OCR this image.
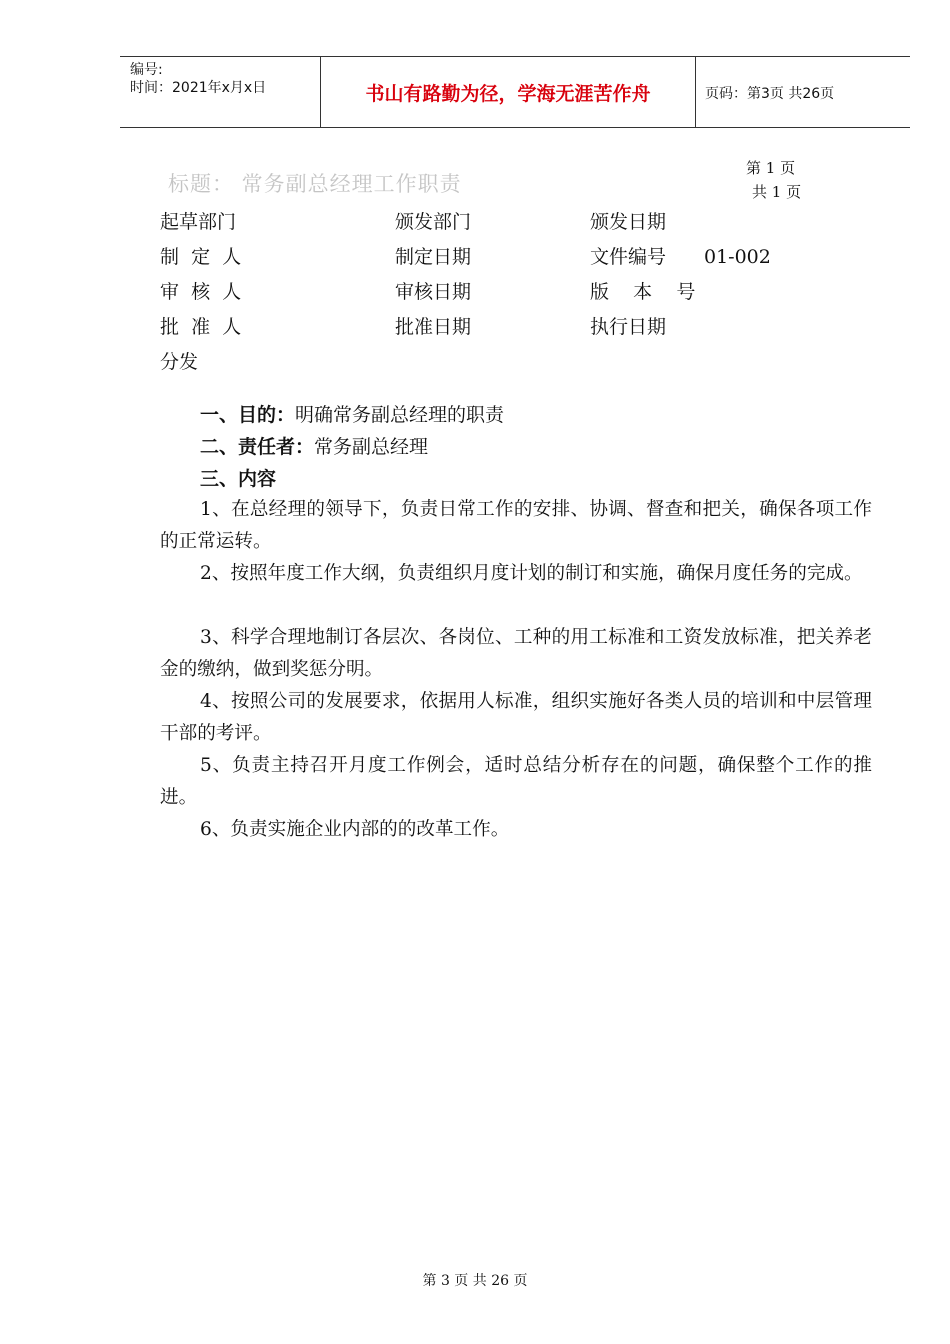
编号:
时间：2021年x月x日	书山有路勤为径，学海无涯苦作舟	页码：第3页 共26页
标题： 常务副总经理工作职责
第 1 页
共 1 页
起草部门	颁发部门	颁发日期
制  定  人	制定日期	文件编号 01-002
审  核  人	审核日期	版    本    号
批  准  人	批准日期	执行日期
分发
一、目的：明确常务副总经理的职责
二、责任者：常务副总经理
三、内容
1、在总经理的领导下，负责日常工作的安排、协调、督查和把关，确保各项工作的正常运转。
2、按照年度工作大纲，负责组织月度计划的制订和实施，确保月度任务的完成。
3、科学合理地制订各层次、各岗位、工种的用工标准和工资发放标准，把关养老金的缴纳，做到奖惩分明。
4、按照公司的发展要求，依据用人标准，组织实施好各类人员的培训和中层管理干部的考评。
5、负责主持召开月度工作例会，适时总结分析存在的问题，确保整个工作的推进。
6、负责实施企业内部的的改革工作。
第 3 页 共 26 页
